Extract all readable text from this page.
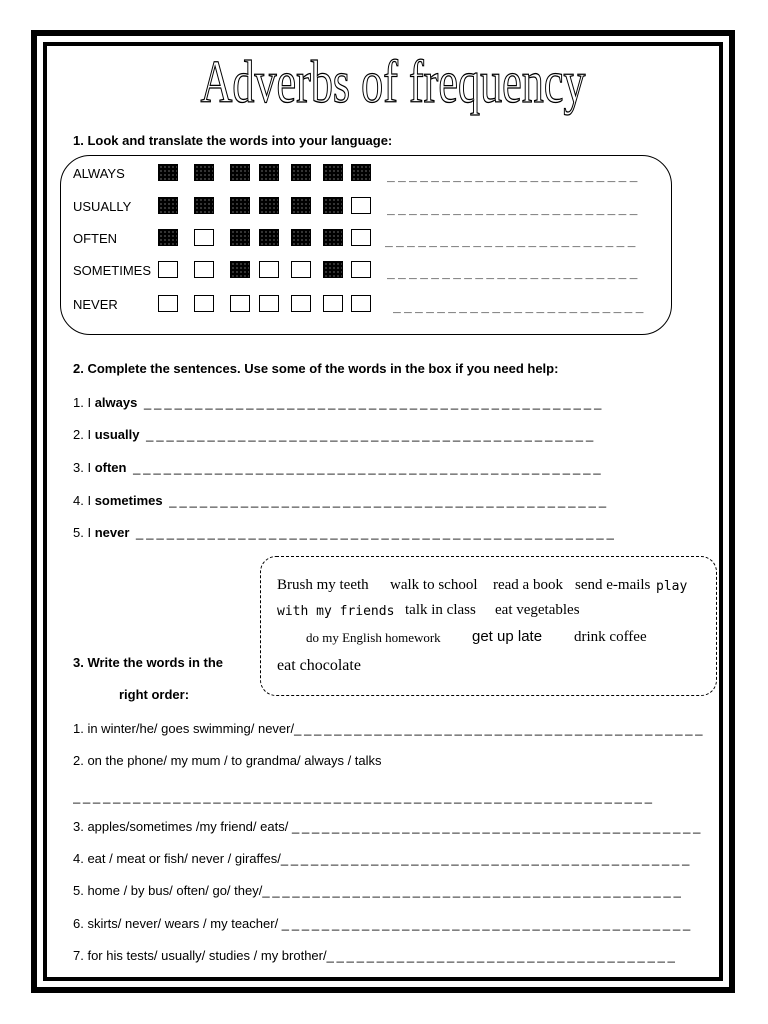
Adverbs of frequency
1. Look and translate the words into your language:
ALWAYS	_______________________
USUALLY	_______________________
OFTEN	_______________________
SOMETIMES	_______________________
NEVER	_______________________
2. Complete the sentences. Use some of the words in the box if you need help:
1. I always _____________________________________________
2. I usually ____________________________________________
3. I often ______________________________________________
4. I sometimes ___________________________________________
5. I never _______________________________________________
Brush my teeth walk to school read a book send e-mails play
with my friends talk in class eat vegetables
do my English homework get up late drink coffee
eat chocolate
3. Write the words in the
right order:
1. in winter/he/ goes swimming/ never/_________________________________________
2. on the phone/ my mum / to grandma/ always / talks
__________________________________________________________
3. apples/sometimes /my friend/ eats/ _________________________________________
4. eat / meat or fish/ never / giraffes/_________________________________________
5. home / by bus/ often/ go/ they/__________________________________________
6. skirts/ never/ wears / my teacher/ _________________________________________
7. for his tests/ usually/ studies / my brother/___________________________________
